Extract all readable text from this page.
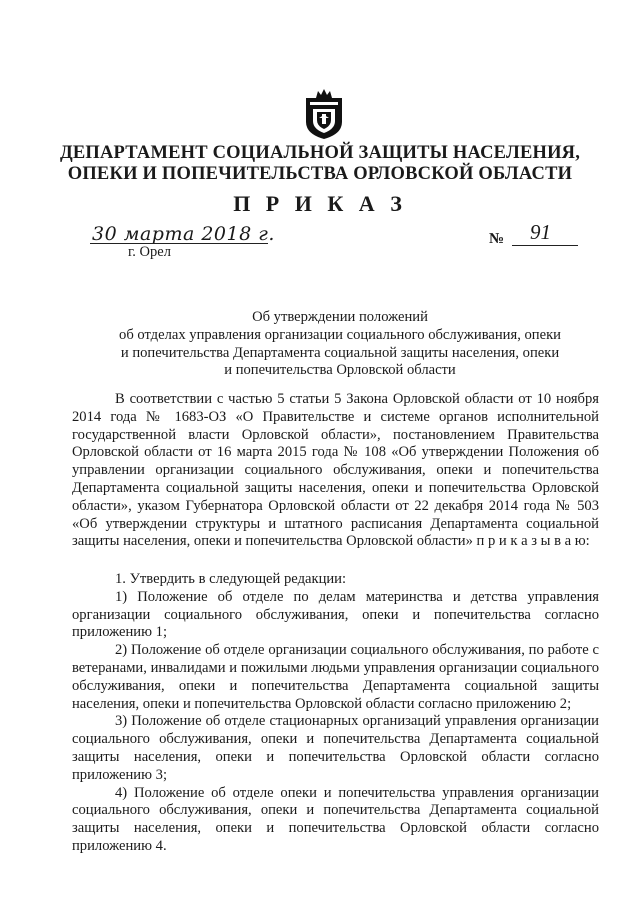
ДЕПАРТАМЕНТ СОЦИАЛЬНОЙ ЗАЩИТЫ НАСЕЛЕНИЯ,
ОПЕКИ И ПОПЕЧИТЕЛЬСТВА ОРЛОВСКОЙ ОБЛАСТИ
П Р И К А З
30 марта 2018 г.
г. Орел
№ 91
Об утверждении положений
об отделах управления организации социального обслуживания, опеки
и попечительства Департамента социальной защиты населения, опеки
и попечительства Орловской области

В соответствии с частью 5 статьи 5 Закона Орловской области от 10 ноября 2014 года № 1683-ОЗ «О Правительстве и системе органов исполнительной государственной власти Орловской области», постановлением Правительства Орловской области от 16 марта 2015 года № 108 «Об утверждении Положения об управлении организации социального обслуживания, опеки и попечительства Департамента социальной защиты населения, опеки и попечительства Орловской области», указом Губернатора Орловской области от 22 декабря 2014 года № 503 «Об утверждении структуры и штатного расписания Департамента социальной защиты населения, опеки и попечительства Орловской области» п р и к а з ы в а ю:

1. Утвердить в следующей редакции:

1) Положение об отделе по делам материнства и детства управления организации социального обслуживания, опеки и попечительства согласно приложению 1;

2) Положение об отделе организации социального обслуживания, по работе с ветеранами, инвалидами и пожилыми людьми управления организации социального обслуживания, опеки и попечительства Департамента социальной защиты населения, опеки и попечительства Орловской области согласно приложению 2;

3) Положение об отделе стационарных организаций управления организации социального обслуживания, опеки и попечительства Департамента социальной защиты населения, опеки и попечительства Орловской области согласно приложению 3;

4) Положение об отделе опеки и попечительства управления организации социального обслуживания, опеки и попечительства Департамента социальной защиты населения, опеки и попечительства Орловской области согласно приложению 4.
